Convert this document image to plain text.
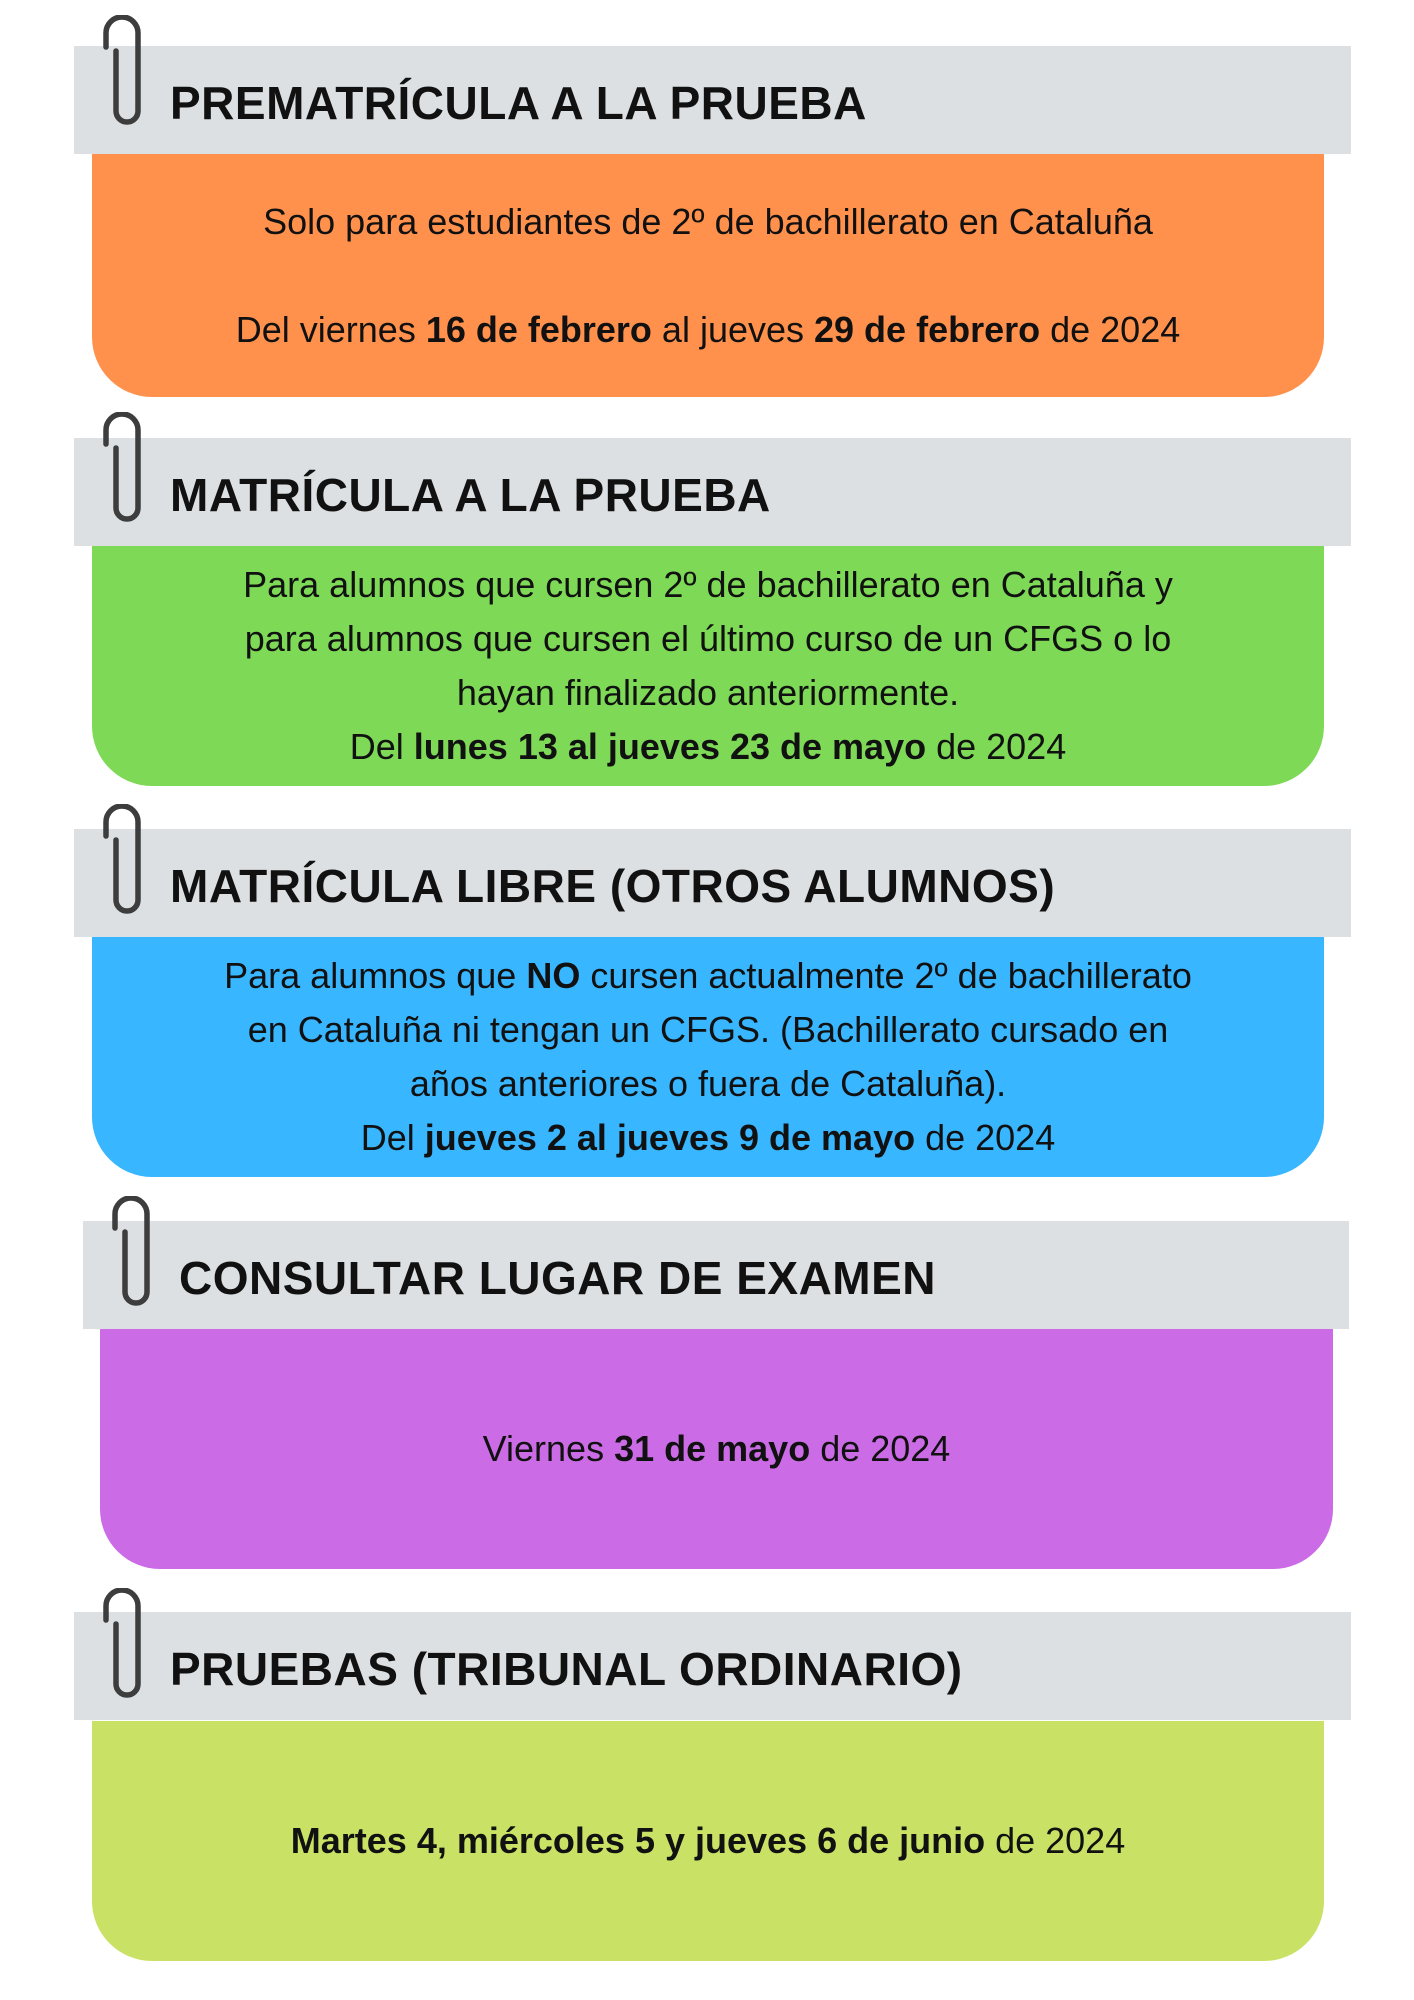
PREMATRÍCULA A LA PRUEBA
Solo para estudiantes de 2º de bachillerato en Cataluña
Del viernes 16 de febrero al jueves 29 de febrero de 2024
MATRÍCULA A LA PRUEBA
Para alumnos que cursen 2º de bachillerato en Cataluña y
para alumnos que cursen el último curso de un CFGS o lo
hayan finalizado anteriormente.
Del lunes 13 al jueves 23 de mayo de 2024
MATRÍCULA LIBRE (OTROS ALUMNOS)
Para alumnos que NO cursen actualmente 2º de bachillerato
en Cataluña ni tengan un CFGS. (Bachillerato cursado en
años anteriores o fuera de Cataluña).
Del jueves 2 al jueves 9 de mayo de 2024
CONSULTAR LUGAR DE EXAMEN
Viernes 31 de mayo de 2024
PRUEBAS (TRIBUNAL ORDINARIO)
Martes 4, miércoles 5 y jueves 6 de junio de 2024
